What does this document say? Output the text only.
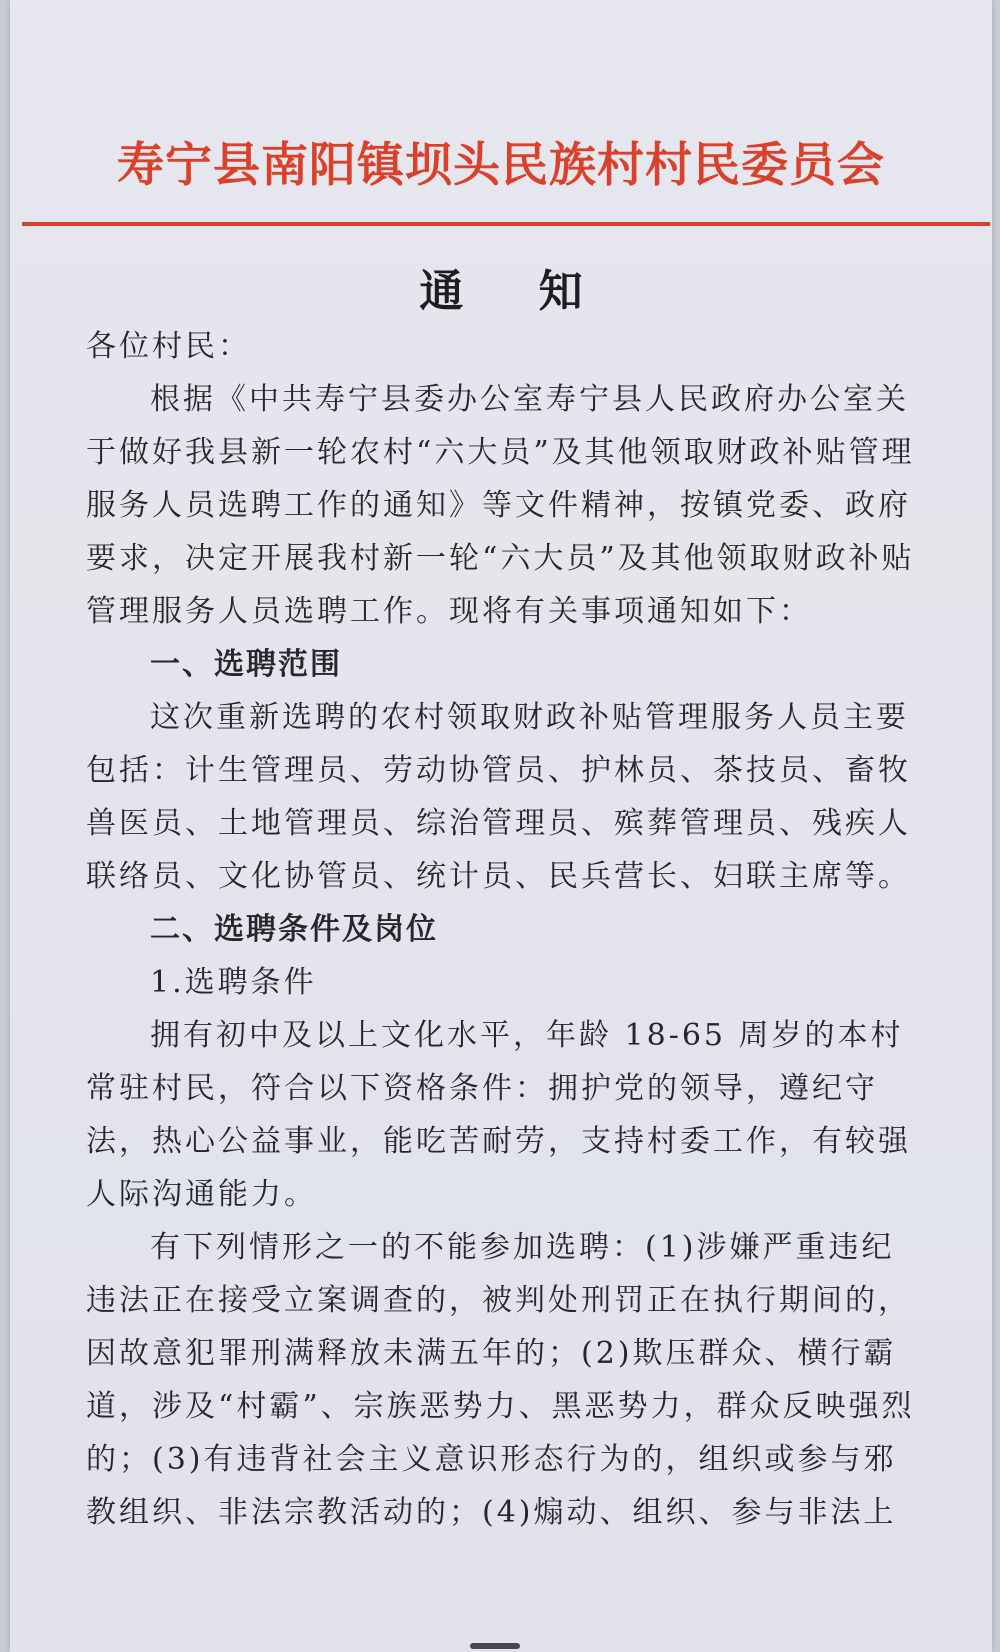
寿宁县南阳镇坝头民族村村民委员会
通 知

各位村民：

根据《中共寿宁县委办公室寿宁县人民政府办公室关于做好我县新一轮农村“六大员”及其他领取财政补贴管理服务人员选聘工作的通知》等文件精神，按镇党委、政府要求，决定开展我村新一轮“六大员”及其他领取财政补贴管理服务人员选聘工作。现将有关事项通知如下：

一、选聘范围

这次重新选聘的农村领取财政补贴管理服务人员主要包括：计生管理员、劳动协管员、护林员、茶技员、畜牧兽医员、土地管理员、综治管理员、殡葬管理员、残疾人联络员、文化协管员、统计员、民兵营长、妇联主席等。

二、选聘条件及岗位

1.选聘条件

拥有初中及以上文化水平，年龄 18-65 周岁的本村常驻村民，符合以下资格条件：拥护党的领导，遵纪守法，热心公益事业，能吃苦耐劳，支持村委工作，有较强人际沟通能力。

有下列情形之一的不能参加选聘：(1)涉嫌严重违纪违法正在接受立案调查的，被判处刑罚正在执行期间的，因故意犯罪刑满释放未满五年的；(2)欺压群众、横行霸道，涉及“村霸”、宗族恶势力、黑恶势力，群众反映强烈的；(3)有违背社会主义意识形态行为的，组织或参与邪教组织、非法宗教活动的；(4)煽动、组织、参与非法上
